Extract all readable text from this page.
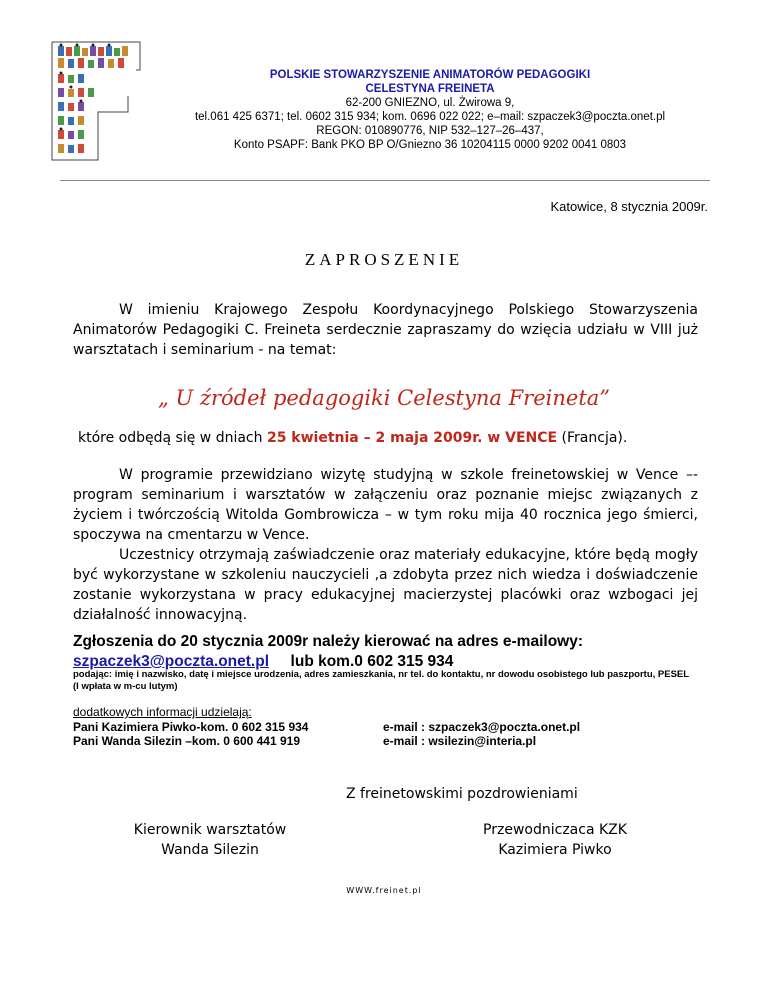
POLSKIE STOWARZYSZENIE ANIMATORÓW PEDAGOGIKI
CELESTYNA FREINETA
62-200 GNIEZNO, ul. Żwirowa 9,
tel.061 425 6371; tel. 0602 315 934; kom. 0696 022 022; e–mail: szpaczek3@poczta.onet.pl
REGON: 010890776, NIP 532–127–26–437,
Konto PSAPF: Bank PKO BP O/Gniezno 36 10204115 0000 9202 0041 0803
Katowice, 8 stycznia 2009r.
ZAPROSZENIE
W imieniu Krajowego Zespołu Koordynacyjnego Polskiego Stowarzyszenia Animatorów Pedagogiki C. Freineta serdecznie zapraszamy do wzięcia udziału w VIII już warsztatach i seminarium - na temat:
„ U źródeł pedagogiki Celestyna Freineta”
które odbędą się w dniach 25 kwietnia – 2 maja 2009r. w VENCE (Francja).
W programie przewidziano wizytę studyjną w szkole freinetowskiej w Vence –- program seminarium i warsztatów w załączeniu oraz poznanie miejsc związanych z życiem i twórczością Witolda Gombrowicza – w tym roku mija 40 rocznica jego śmierci, spoczywa na cmentarzu w Vence.
Uczestnicy otrzymają zaświadczenie oraz materiały edukacyjne, które będą mogły być wykorzystane w szkoleniu nauczycieli ,a zdobyta przez nich wiedza i doświadczenie zostanie wykorzystana w pracy edukacyjnej macierzystej placówki oraz wzbogaci jej działalność innowacyjną.
Zgłoszenia do 20 stycznia 2009r należy kierować na adres e-mailowy:
szpaczek3@poczta.onet.pl lub kom.0 602 315 934
podając: imię i nazwisko, datę i miejsce urodzenia, adres zamieszkania, nr tel. do kontaktu, nr dowodu osobistego lub paszportu, PESEL (I wpłata w m-cu lutym)
dodatkowych informacji udzielają:
Pani Kazimiera Piwko-kom. 0 602 315 934	e-mail : szpaczek3@poczta.onet.pl
Pani Wanda Silezin –kom. 0 600 441 919	e-mail : wsilezin@interia.pl
Z freinetowskimi pozdrowieniami
Kierownik warsztatów
Wanda Silezin
Przewodniczaca KZK
Kazimiera Piwko
WWW.freinet.pl
